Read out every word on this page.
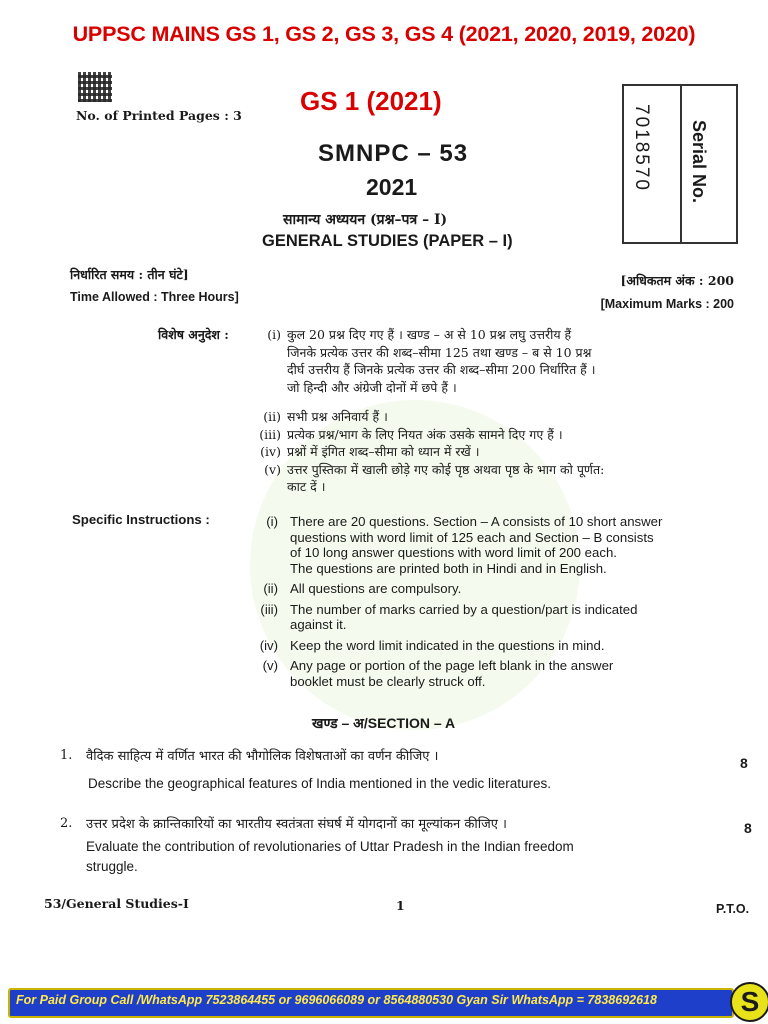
UPPSC MAINS GS 1, GS 2, GS 3, GS 4 (2021, 2020, 2019, 2020)
No. of Printed Pages : 3 GS 1 (2021)
Serial No.
7018570
SMNPC – 53
2021
सामान्य अध्ययन (प्रश्न–पत्र – I)
GENERAL STUDIES (PAPER – I)
निर्धारित समय : तीन घंटे]
Time Allowed : Three Hours]
[अधिकतम अंक : 200
[Maximum Marks : 200
विशेष अनुदेश :	(i) कुल 20 प्रश्न दिए गए हैं । खण्ड – अ से 10 प्रश्न लघु उत्तरीय हैं
जिनके प्रत्येक उत्तर की शब्द–सीमा 125 तथा खण्ड – ब से 10 प्रश्न
दीर्घ उत्तरीय हैं जिनके प्रत्येक उत्तर की शब्द–सीमा 200 निर्धारित हैं ।
जो हिन्दी और अंग्रेजी दोनों में छपे हैं ।
(ii) सभी प्रश्न अनिवार्य हैं ।
(iii) प्रत्येक प्रश्न/भाग के लिए नियत अंक उसके सामने दिए गए हैं ।
(iv) प्रश्नों में इंगित शब्द–सीमा को ध्यान में रखें ।
(v) उत्तर पुस्तिका में खाली छोड़े गए कोई पृष्ठ अथवा पृष्ठ के भाग को पूर्णत:
काट दें ।
Specific Instructions :	(i) There are 20 questions. Section – A consists of 10 short answer
questions with word limit of 125 each and Section – B consists
of 10 long answer questions with word limit of 200 each.
The questions are printed both in Hindi and in English.
(ii) All questions are compulsory.
(iii) The number of marks carried by a question/part is indicated
against it.
(iv) Keep the word limit indicated in the questions in mind.
(v) Any page or portion of the page left blank in the answer
booklet must be clearly struck off.
खण्ड – अ/SECTION – A
1. वैदिक साहित्य में वर्णित भारत की भौगोलिक विशेषताओं का वर्णन कीजिए ।
Describe the geographical features of India mentioned in the vedic literatures.
8
2. उत्तर प्रदेश के क्रान्तिकारियों का भारतीय स्वतंत्रता संघर्ष में योगदानों का मूल्यांकन कीजिए ।
Evaluate the contribution of revolutionaries of Uttar Pradesh in the Indian freedom
struggle.
8
53/General Studies-I	1	P.T.O.
For Paid Group Call /WhatsApp 7523864455 or 9696066089 or 8564880530 Gyan Sir WhatsApp = 7838692618	S
